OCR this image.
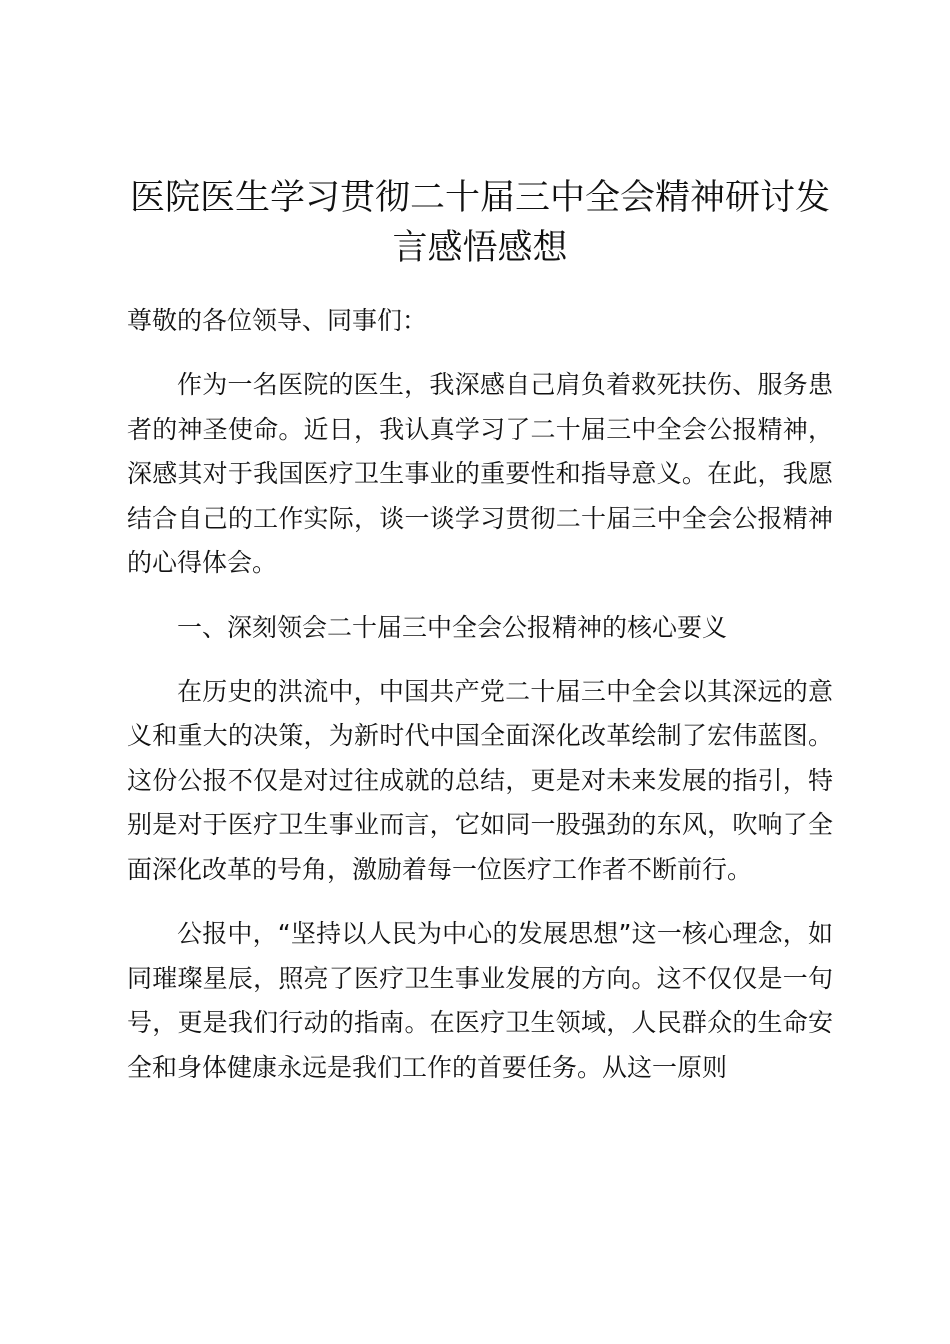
医院医生学习贯彻二十届三中全会精神研讨发言感悟感想

尊敬的各位领导、同事们：

作为一名医院的医生，我深感自己肩负着救死扶伤、服务患者的神圣使命。近日，我认真学习了二十届三中全会公报精神，深感其对于我国医疗卫生事业的重要性和指导意义。在此，我愿结合自己的工作实际，谈一谈学习贯彻二十届三中全会公报精神的心得体会。

一、深刻领会二十届三中全会公报精神的核心要义

在历史的洪流中，中国共产党二十届三中全会以其深远的意义和重大的决策，为新时代中国全面深化改革绘制了宏伟蓝图。这份公报不仅是对过往成就的总结，更是对未来发展的指引，特别是对于医疗卫生事业而言，它如同一股强劲的东风，吹响了全面深化改革的号角，激励着每一位医疗工作者不断前行。

公报中，“坚持以人民为中心的发展思想”这一核心理念，如同璀璨星辰，照亮了医疗卫生事业发展的方向。这不仅仅是一句号，更是我们行动的指南。在医疗卫生领域，人民群众的生命安全和身体健康永远是我们工作的首要任务。从这一原则
